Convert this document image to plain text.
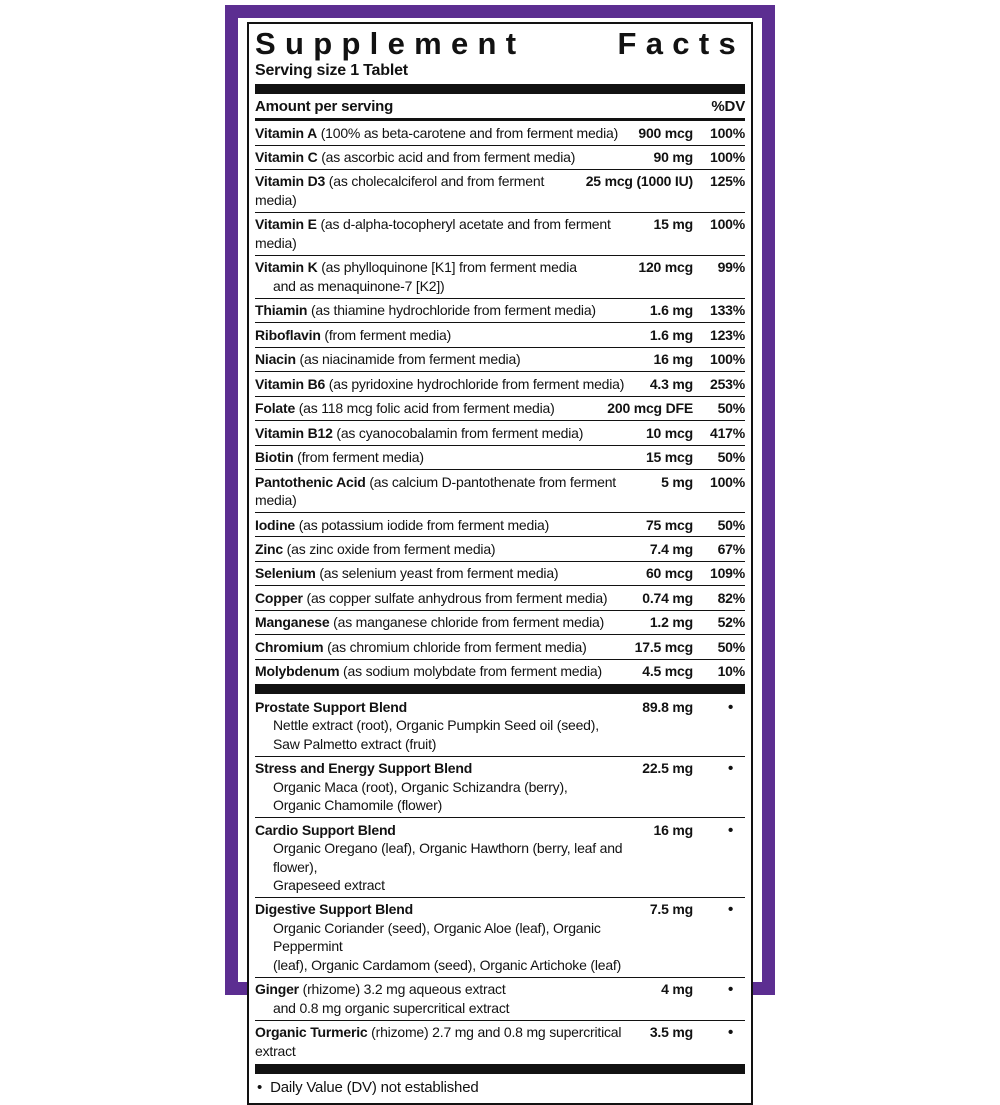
Supplement	Facts
Serving size 1 Tablet
Amount per serving	%DV
Vitamin A (100% as beta-carotene and from ferment media)	900 mcg	100%
Vitamin C (as ascorbic acid and from ferment media)	90 mg	100%
Vitamin D3 (as cholecalciferol and from ferment media)
25 mcg (1000 IU)	125%
Vitamin E (as d-alpha-tocopheryl acetate and from ferment media)
15 mg	100%
Vitamin K (as phylloquinone [K1] from ferment media
and as menaquinone-7 [K2])
120 mcg	99%
Thiamin (as thiamine hydrochloride from ferment media)	1.6 mg	133%
Riboflavin (from ferment media)	1.6 mg	123%
Niacin (as niacinamide from ferment media)	16 mg	100%
Vitamin B6 (as pyridoxine hydrochloride from ferment media)	4.3 mg	253%
Folate (as 118 mcg folic acid from ferment media)	200 mcg DFE	50%
Vitamin B12 (as cyanocobalamin from ferment media)	10 mcg	417%
Biotin (from ferment media)	15 mcg	50%
Pantothenic Acid (as calcium D-pantothenate from ferment media)
5 mg	100%
Iodine (as potassium iodide from ferment media)	75 mcg	50%
Zinc (as zinc oxide from ferment media)	7.4 mg	67%
Selenium (as selenium yeast from ferment media)	60 mcg	109%
Copper (as copper sulfate anhydrous from ferment media)	0.74 mg	82%
Manganese (as manganese chloride from ferment media)	1.2 mg	52%
Chromium (as chromium chloride from ferment media)	17.5 mcg	50%
Molybdenum (as sodium molybdate from ferment media)	4.5 mcg	10%
Prostate Support Blend
Nettle extract (root), Organic Pumpkin Seed oil (seed),
Saw Palmetto extract (fruit)
89.8 mg	•
Stress and Energy Support Blend
Organic Maca (root), Organic Schizandra (berry),
Organic Chamomile (flower)
22.5 mg	•
Cardio Support Blend
Organic Oregano (leaf), Organic Hawthorn (berry, leaf and flower),
Grapeseed extract
16 mg	•
Digestive Support Blend
Organic Coriander (seed), Organic Aloe (leaf), Organic Peppermint
(leaf), Organic Cardamom (seed), Organic Artichoke (leaf)
7.5 mg	•
Ginger (rhizome) 3.2 mg aqueous extract
and 0.8 mg organic supercritical extract
4 mg	•
Organic Turmeric (rhizome) 2.7 mg and 0.8 mg supercritical extract
3.5 mg	•
• Daily Value (DV) not established
